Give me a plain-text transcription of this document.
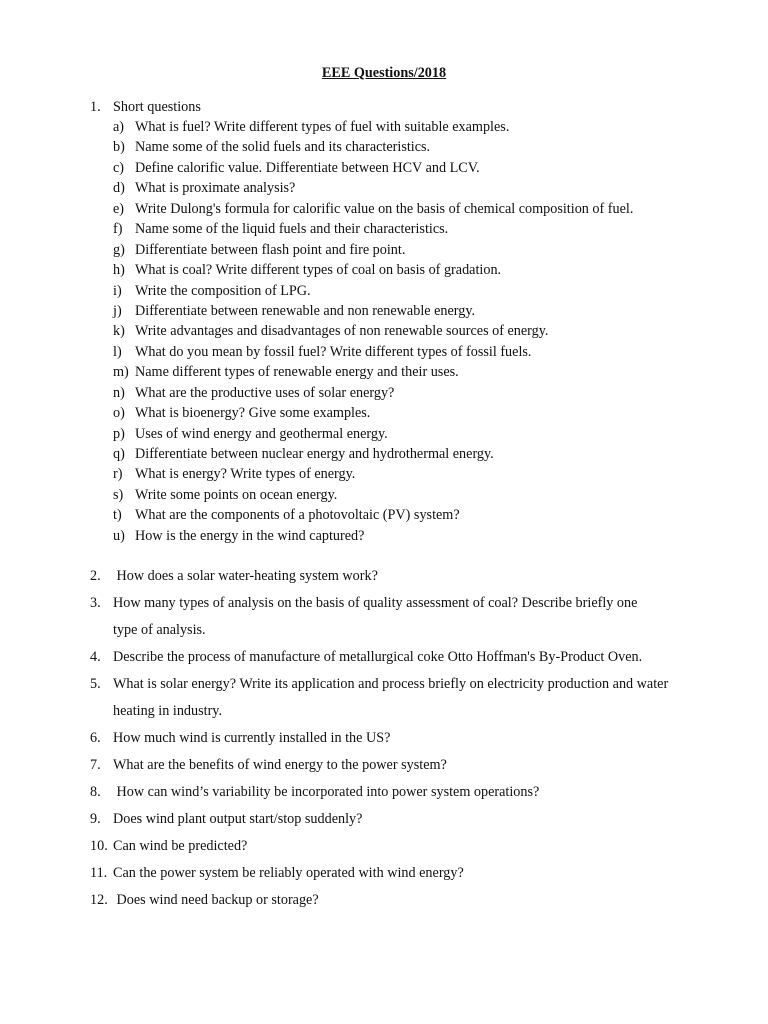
EEE Questions/2018
1. Short questions
a) What is fuel? Write different types of fuel with suitable examples.
b) Name some of the solid fuels and its characteristics.
c) Define calorific value. Differentiate between HCV and LCV.
d) What is proximate analysis?
e) Write Dulong's formula for calorific value on the basis of chemical composition of fuel.
f) Name some of the liquid fuels and their characteristics.
g) Differentiate between flash point and fire point.
h) What is coal? Write different types of coal on basis of gradation.
i) Write the composition of LPG.
j) Differentiate between renewable and non renewable energy.
k) Write advantages and disadvantages of non renewable sources of energy.
l) What do you mean by fossil fuel? Write different types of fossil fuels.
m) Name different types of renewable energy and their uses.
n) What are the productive uses of solar energy?
o) What is bioenergy? Give some examples.
p) Uses of wind energy and geothermal energy.
q) Differentiate between nuclear energy and hydrothermal energy.
r) What is energy? Write types of energy.
s) Write some points on ocean energy.
t) What are the components of a photovoltaic (PV) system?
u) How is the energy in the wind captured?
2. How does a solar water-heating system work?
3. How many types of analysis on the basis of quality assessment of coal? Describe briefly one
type of analysis.
4. Describe the process of manufacture of metallurgical coke Otto Hoffman's By-Product Oven.
5. What is solar energy? Write its application and process briefly on electricity production and water
heating in industry.
6. How much wind is currently installed in the US?
7. What are the benefits of wind energy to the power system?
8. How can wind’s variability be incorporated into power system operations?
9. Does wind plant output start/stop suddenly?
10. Can wind be predicted?
11. Can the power system be reliably operated with wind energy?
12. Does wind need backup or storage?
